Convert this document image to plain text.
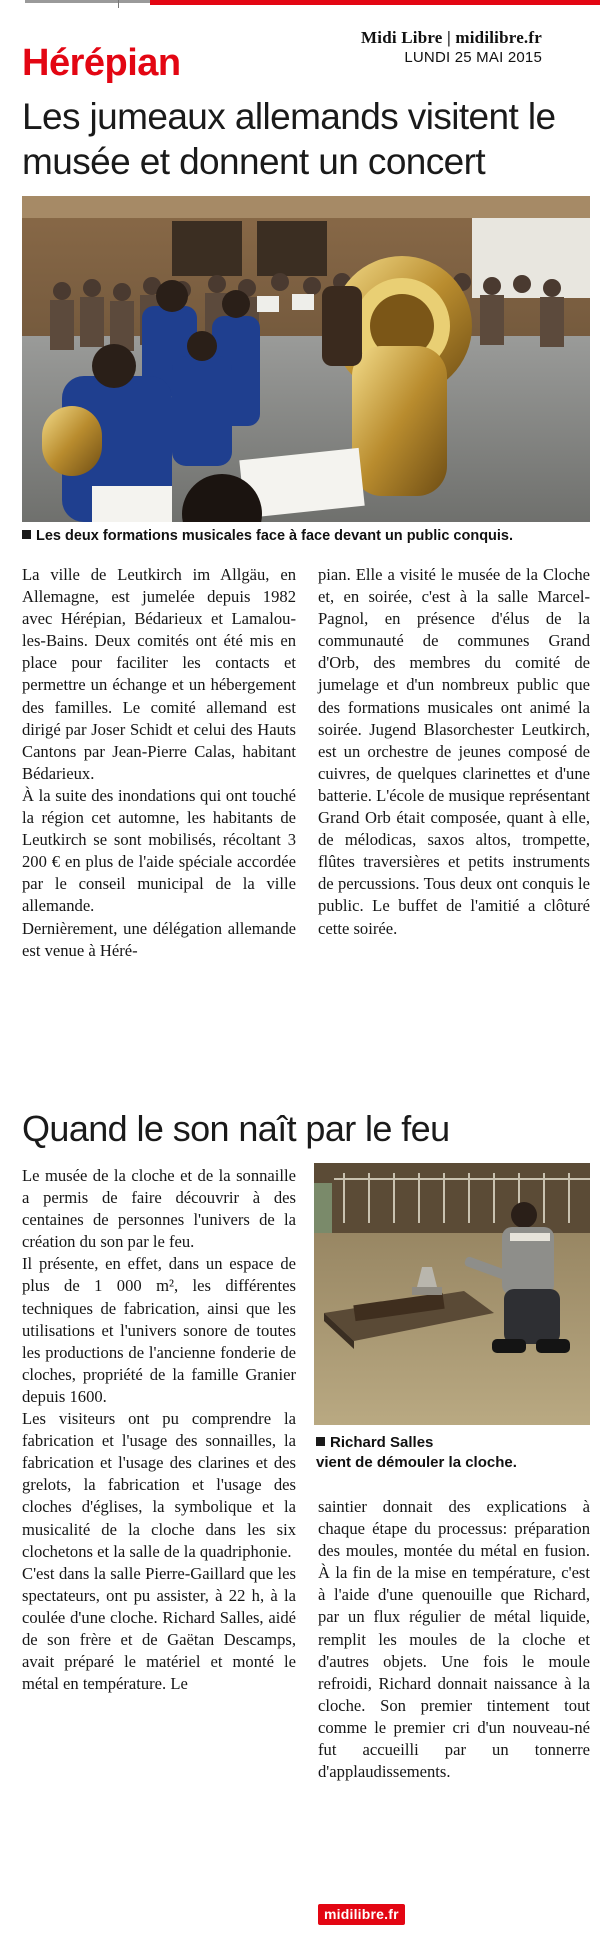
Midi Libre | midilibre.fr
LUNDI 25 MAI 2015
Hérépian
Les jumeaux allemands visitent le musée et donnent un concert
Les deux formations musicales face à face devant un public conquis.

La ville de Leutkirch im Allgäu, en Allemagne, est jumelée depuis 1982 avec Hérépian, Bédarieux et Lamalou-les-Bains. Deux comités ont été mis en place pour faciliter les contacts et permettre un échange et un hébergement des familles. Le comité allemand est dirigé par Joser Schidt et celui des Hauts Cantons par Jean-Pierre Calas, habitant Bédarieux.

À la suite des inondations qui ont touché la région cet automne, les habitants de Leutkirch se sont mobilisés, récoltant 3 200 € en plus de l'aide spéciale accordée par le conseil municipal de la ville allemande.

Dernièrement, une délégation allemande est venue à Héré-

pian. Elle a visité le musée de la Cloche et, en soirée, c'est à la salle Marcel-Pagnol, en présence d'élus de la communauté de communes Grand d'Orb, des membres du comité de jumelage et d'un nombreux public que des formations musicales ont animé la soirée. Jugend Blasorchester Leutkirch, est un orchestre de jeunes composé de cuivres, de quelques clarinettes et d'une batterie. L'école de musique représentant Grand Orb était composée, quant à elle, de mélodicas, saxos altos, trompette, flûtes traversières et petits instruments de percussions. Tous deux ont conquis le public. Le buffet de l'amitié a clôturé cette soirée.

Quand le son naît par le feu

Le musée de la cloche et de la sonnaille a permis de faire découvrir à des centaines de personnes l'univers de la création du son par le feu.

Il présente, en effet, dans un espace de plus de 1 000 m², les différentes techniques de fabrication, ainsi que les utilisations et l'univers sonore de toutes les productions de l'ancienne fonderie de cloches, propriété de la famille Granier depuis 1600.

Les visiteurs ont pu comprendre la fabrication et l'usage des sonnailles, la fabrication et l'usage des clarines et des grelots, la fabrication et l'usage des cloches d'églises, la symbolique et la musicalité de la cloche dans les six clochetons et la salle de la quadriphonie.

C'est dans la salle Pierre-Gaillard que les spectateurs, ont pu assister, à 22 h, à la coulée d'une cloche. Richard Salles, aidé de son frère et de Gaëtan Descamps, avait préparé le matériel et monté le métal en température. Le

Richard Salles
vient de démouler la cloche.

saintier donnait des explications à chaque étape du processus: préparation des moules, montée du métal en fusion. À la fin de la mise en température, c'est à l'aide d'une quenouille que Richard, par un flux régulier de métal liquide, remplit les moules de la cloche et d'autres objets. Une fois le moule refroidi, Richard donnait naissance à la cloche. Son premier tintement tout comme le premier cri d'un nouveau-né fut accueilli par un tonnerre d'applaudissements.

midilibre.fr
